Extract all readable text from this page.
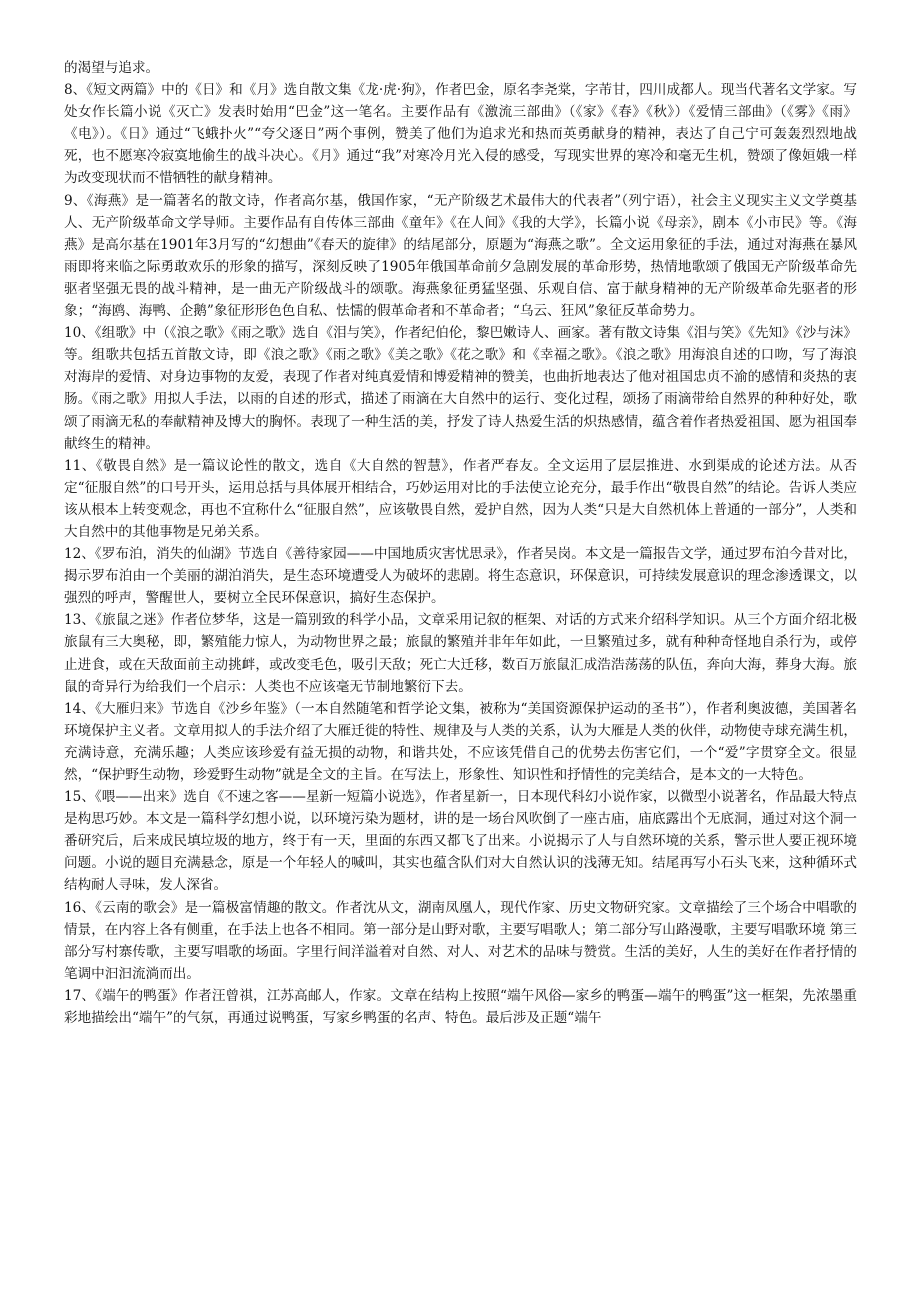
的渴望与追求。

8、《短文两篇》中的《日》和《月》选自散文集《龙·虎·狗》，作者巴金，原名李尧棠，字芾甘，四川成都人。现当代著名文学家。写处女作长篇小说《灭亡》发表时始用“巴金”这一笔名。主要作品有《激流三部曲》（《家》《春》《秋》）《爱情三部曲》（《雾》《雨》《电》）。《日》通过“飞蛾扑火”“夸父逐日”两个事例，赞美了他们为追求光和热而英勇献身的精神，表达了自己宁可轰轰烈烈地战死，也不愿寒冷寂寞地偷生的战斗决心。《月》通过“我”对寒冷月光入侵的感受，写现实世界的寒冷和毫无生机，赞颂了像姮娥一样为改变现状而不惜牺牲的献身精神。

9、《海燕》是一篇著名的散文诗，作者高尔基，俄国作家，“无产阶级艺术最伟大的代表者”（列宁语），社会主义现实主义文学奠基人、无产阶级革命文学导师。主要作品有自传体三部曲《童年》《在人间》《我的大学》，长篇小说《母亲》，剧本《小市民》等。《海燕》是高尔基在1901年3月写的“幻想曲”《春天的旋律》的结尾部分，原题为“海燕之歌”。全文运用象征的手法，通过对海燕在暴风雨即将来临之际勇敢欢乐的形象的描写，深刻反映了1905年俄国革命前夕急剧发展的革命形势，热情地歌颂了俄国无产阶级革命先驱者坚强无畏的战斗精神，是一曲无产阶级战斗的颂歌。海燕象征勇猛坚强、乐观自信、富于献身精神的无产阶级革命先驱者的形象；“海鸥、海鸭、企鹅”象征形形色色自私、怯懦的假革命者和不革命者；“乌云、狂风”象征反革命势力。

10、《组歌》中（《浪之歌》《雨之歌》选自《泪与笑》，作者纪伯伦，黎巴嫩诗人、画家。著有散文诗集《泪与笑》《先知》《沙与沫》等。组歌共包括五首散文诗，即《浪之歌》《雨之歌》《美之歌》《花之歌》和《幸福之歌》。《浪之歌》用海浪自述的口吻，写了海浪对海岸的爱情、对身边事物的友爱，表现了作者对纯真爱情和博爱精神的赞美，也曲折地表达了他对祖国忠贞不渝的感情和炎热的衷肠。《雨之歌》用拟人手法，以雨的自述的形式，描述了雨滴在大自然中的运行、变化过程，颂扬了雨滴带给自然界的种种好处，歌颂了雨滴无私的奉献精神及博大的胸怀。表现了一种生活的美，抒发了诗人热爱生活的炽热感情，蕴含着作者热爱祖国、愿为祖国奉献终生的精神。

11、《敬畏自然》是一篇议论性的散文，选自《大自然的智慧》，作者严春友。全文运用了层层推进、水到渠成的论述方法。从否定“征服自然”的口号开头，运用总括与具体展开相结合，巧妙运用对比的手法使立论充分，最手作出“敬畏自然”的结论。告诉人类应该从根本上转变观念，再也不宜称什么“征服自然”，应该敬畏自然，爱护自然，因为人类“只是大自然机体上普通的一部分”，人类和大自然中的其他事物是兄弟关系。

12、《罗布泊，消失的仙湖》节选自《善待家园——中国地质灾害忧思录》，作者吴岗。本文是一篇报告文学，通过罗布泊今昔对比，揭示罗布泊由一个美丽的湖泊消失，是生态环境遭受人为破坏的悲剧。将生态意识，环保意识，可持续发展意识的理念渗透课文，以强烈的呼声，警醒世人，要树立全民环保意识，搞好生态保护。

13、《旅鼠之迷》作者位梦华，这是一篇别致的科学小品，文章采用记叙的框架、对话的方式来介绍科学知识。从三个方面介绍北极旅鼠有三大奥秘，即，繁殖能力惊人，为动物世界之最；旅鼠的繁殖并非年年如此，一旦繁殖过多，就有种种奇怪地自杀行为，或停止进食，或在天敌面前主动挑衅，或改变毛色，吸引天敌；死亡大迁移，数百万旅鼠汇成浩浩荡荡的队伍，奔向大海，葬身大海。旅鼠的奇异行为给我们一个启示：人类也不应该毫无节制地繁衍下去。

14、《大雁归来》节选自《沙乡年鉴》（一本自然随笔和哲学论文集，被称为“美国资源保护运动的圣书”），作者利奥波德，美国著名环境保护主义者。文章用拟人的手法介绍了大雁迁徙的特性、规律及与人类的关系，认为大雁是人类的伙伴，动物使寺球充满生机，充满诗意，充满乐趣；人类应该珍爱有益无损的动物，和谐共处，不应该凭借自己的优势去伤害它们，一个“爱”字贯穿全文。很显然，“保护野生动物，珍爱野生动物”就是全文的主旨。在写法上，形象性、知识性和抒情性的完美结合，是本文的一大特色。

15、《喂——出来》选自《不速之客——星新一短篇小说选》，作者星新一，日本现代科幻小说作家，以微型小说著名，作品最大特点是构思巧妙。本文是一篇科学幻想小说，以环境污染为题材，讲的是一场台风吹倒了一座古庙，庙底露出个无底洞，通过对这个洞一番研究后，后来成民填垃圾的地方，终于有一天，里面的东西又都飞了出来。小说揭示了人与自然环境的关系，警示世人要正视环境问题。小说的题目充满悬念，原是一个年轻人的喊叫，其实也蕴含队们对大自然认识的浅薄无知。结尾再写小石头飞来，这种循环式结构耐人寻味，发人深省。

16、《云南的歌会》是一篇极富情趣的散文。作者沈从文，湖南凤凰人，现代作家、历史文物研究家。文章描绘了三个场合中唱歌的情景，在内容上各有侧重，在手法上也各不相同。第一部分是山野对歌，主要写唱歌人；第二部分写山路漫歌，主要写唱歌环境 第三部分写村寨传歌，主要写唱歌的场面。字里行间洋溢着对自然、对人、对艺术的品味与赞赏。生活的美好，人生的美好在作者抒情的笔调中汩汩流淌而出。

17、《端午的鸭蛋》作者汪曾祺，江苏高邮人，作家。文章在结构上按照“端午风俗—家乡的鸭蛋—端午的鸭蛋”这一框架，先浓墨重彩地描绘出“端午”的气氛，再通过说鸭蛋，写家乡鸭蛋的名声、特色。最后涉及正题“端午
